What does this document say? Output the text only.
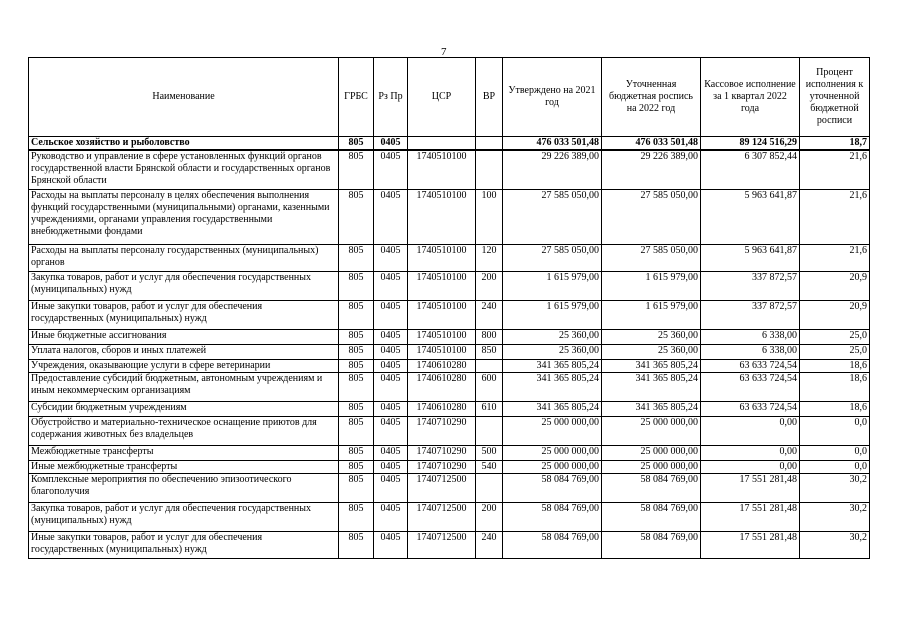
7
Наименование	ГРБС	Рз Пр	ЦСР	ВР	Утверждено на 2021 год	Уточненная бюджетная роспись на 2022 год	Кассовое исполнение за 1 квартал 2022 года	Процент исполнения к уточненной бюджетной росписи
Сельское хозяйство и рыболовство	805	0405			476 033 501,48	476 033 501,48	89 124 516,29	18,7
Руководство и управление в сфере установленных функций органов государственной власти Брянской области и государственных органов Брянской области	805	0405	1740510100		29 226 389,00	29 226 389,00	6 307 852,44	21,6
Расходы на выплаты персоналу в целях обеспечения выполнения функций государственными (муниципальными) органами, казенными учреждениями, органами управления государственными внебюджетными фондами	805	0405	1740510100	100	27 585 050,00	27 585 050,00	5 963 641,87	21,6
Расходы на выплаты персоналу государственных (муниципальных) органов	805	0405	1740510100	120	27 585 050,00	27 585 050,00	5 963 641,87	21,6
Закупка товаров, работ и услуг для обеспечения государственных (муниципальных) нужд	805	0405	1740510100	200	1 615 979,00	1 615 979,00	337 872,57	20,9
Иные закупки товаров, работ и услуг для обеспечения государственных (муниципальных) нужд	805	0405	1740510100	240	1 615 979,00	1 615 979,00	337 872,57	20,9
Иные бюджетные ассигнования	805	0405	1740510100	800	25 360,00	25 360,00	6 338,00	25,0
Уплата налогов, сборов и иных платежей	805	0405	1740510100	850	25 360,00	25 360,00	6 338,00	25,0
Учреждения, оказывающие услуги в сфере ветеринарии	805	0405	1740610280		341 365 805,24	341 365 805,24	63 633 724,54	18,6
Предоставление субсидий бюджетным, автономным учреждениям и иным некоммерческим организациям	805	0405	1740610280	600	341 365 805,24	341 365 805,24	63 633 724,54	18,6
Субсидии бюджетным учреждениям	805	0405	1740610280	610	341 365 805,24	341 365 805,24	63 633 724,54	18,6
Обустройство и материально-техническое оснащение приютов для содержания животных без владельцев	805	0405	1740710290		25 000 000,00	25 000 000,00	0,00	0,0
Межбюджетные трансферты	805	0405	1740710290	500	25 000 000,00	25 000 000,00	0,00	0,0
Иные межбюджетные трансферты	805	0405	1740710290	540	25 000 000,00	25 000 000,00	0,00	0,0
Комплексные мероприятия по обеспечению эпизоотического благополучия	805	0405	1740712500		58 084 769,00	58 084 769,00	17 551 281,48	30,2
Закупка товаров, работ и услуг для обеспечения государственных (муниципальных) нужд	805	0405	1740712500	200	58 084 769,00	58 084 769,00	17 551 281,48	30,2
Иные закупки товаров, работ и услуг для обеспечения государственных (муниципальных) нужд	805	0405	1740712500	240	58 084 769,00	58 084 769,00	17 551 281,48	30,2
